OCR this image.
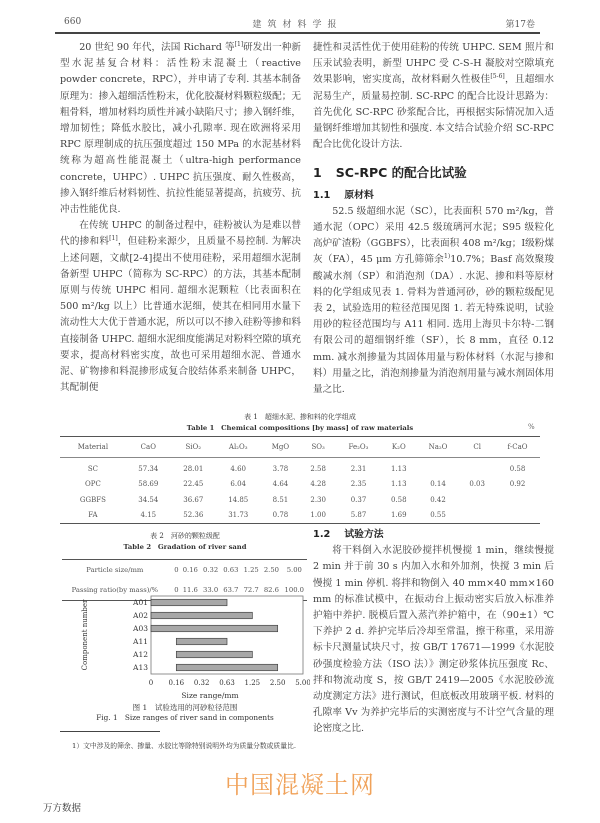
660	建筑材料学报	第17卷

20 世纪 90 年代，法国 Richard 等[1]研发出一种新型水泥基复合材料：活性粉末混凝土（reactive powder concrete，RPC），并申请了专利. 其基本制备原理为：掺入超细活性粉末，优化胶凝材料颗粒级配；无粗骨料，增加材料均质性并减小缺陷尺寸；掺入钢纤维，增加韧性；降低水胶比，减小孔隙率. 现在欧洲将采用 RPC 原理制成的抗压强度超过 150 MPa 的水泥基材料统称为超高性能混凝土（ultra-high performance concrete，UHPC）. UHPC 抗压强度、耐久性极高，掺入钢纤维后材料韧性、抗拉性能显著提高，抗疲劳、抗冲击性能优良.

在传统 UHPC 的制备过程中，硅粉被认为是难以替代的掺和料[1]，但硅粉来源少，且质量不易控制. 为解决上述问题，文献[2-4]提出不使用硅粉，采用超细水泥制备新型 UHPC（简称为 SC-RPC）的方法，其基本配制原则与传统 UHPC 相同. 超细水泥颗粒（比表面积在 500 m²/kg 以上）比普通水泥细，使其在相同用水量下流动性大大优于普通水泥，所以可以不掺入硅粉等掺和料直接制备 UHPC. 超细水泥细度能满足对粉料空隙的填充要求，提高材料密实度，故也可采用超细水泥、普通水泥、矿物掺和料混掺形成复合胶结体系来制备 UHPC，其配制便

捷性和灵活性优于使用硅粉的传统 UHPC. SEM 照片和压汞试验表明，新型 UHPC 受 C-S-H 凝胶对空隙填充效果影响，密实度高，故材料耐久性极佳[5-6]，且超细水泥易生产，质量易控制. SC-RPC 的配合比设计思路为：首先优化 SC-RPC 砂浆配合比，再根据实际情况加入适量钢纤维增加其韧性和强度. 本文结合试验介绍 SC-RPC 配合比优化设计方法.

1 SC-RPC 的配合比试验
1.1 原材料

52.5 级超细水泥（SC），比表面积 570 m²/kg，普通水泥（OPC）采用 42.5 级琉璃河水泥；S95 级粒化高炉矿渣粉（GGBFS），比表面积 408 m²/kg；Ⅰ级粉煤灰（FA），45 μm 方孔筛筛余$^{1)}$10.7%；Basf 高效聚羧酸减水剂（SP）和消泡剂（DA）. 水泥、掺和料等原材料的化学组成见表 1. 骨料为普通河砂，砂的颗粒级配见表 2，试验选用的粒径范围见图 1. 若无特殊说明，试验用砂的粒径范围均与 A11 相同. 选用上海贝卡尔特-二钢有限公司的超细钢纤维（SF），长 8 mm，直径 0.12 mm. 减水剂掺量为其固体用量与粉体材料（水泥与掺和料）用量之比，消泡剂掺量为消泡剂用量与减水剂固体用量之比.

表 1　超细水泥、掺和料的化学组成
Table 1　Chemical compositions [by mass] of raw materials	%
Material	CaO	SiO₂	Al₂O₃	MgO	SO₃	Fe₂O₃	K₂O	Na₂O	Cl	f-CaO
SC	57.34	28.01	4.60	3.78	2.58	2.31	1.13			0.58
OPC	58.69	22.45	6.04	4.64	4.28	2.35	1.13	0.14	0.03	0.92
GGBFS	34.54	36.67	14.85	8.51	2.30	0.37	0.58	0.42		
FA	4.15	52.36	31.73	0.78	1.00	5.87	1.69	0.55		
表 2　河砂的颗粒级配
Table 2　Gradation of river sand
Particle size/mm	0	0.16	0.32	0.63	1.25	2.50	5.00
Passing ratio(by mass)/%	0	11.6	33.0	63.7	72.7	82.6	100.0
A01
A02
A03
A11
A12
A13
0 0.16 0.32 0.63 1.25 2.50 5.00
Size range/mm
Component number
图 1　试验选用的河砂粒径范围
Fig. 1　Size ranges of river sand in components
1.2 试验方法

将干料倒入水泥胶砂搅拌机慢搅 1 min，继续慢搅 2 min 并于前 30 s 内加入水和外加剂，快搅 3 min 后慢搅 1 min 停机. 将拌和物倒入 40 mm×40 mm×160 mm 的标准试模中，在振动台上振动密实后放入标准养护箱中养护. 脱模后置入蒸汽养护箱中，在（90±1）℃下养护 2 d. 养护完毕后冷却至常温，擦干称重，采用游标卡尺测量试块尺寸，按 GB/T 17671—1999《水泥胶砂强度检验方法（ISO 法）》测定砂浆体抗压强度 Rc、拌和物流动度 S，按 GB/T 2419—2005《水泥胶砂流动度测定方法》进行测试，但底板改用玻璃平板. 材料的孔隙率 Vv 为养护完毕后的实测密度与不计空气含量的理论密度之比.

1）文中涉及的筛余、掺量、水胶比等除特别说明外均为质量分数或质量比.
中国混凝土网
万方数据
